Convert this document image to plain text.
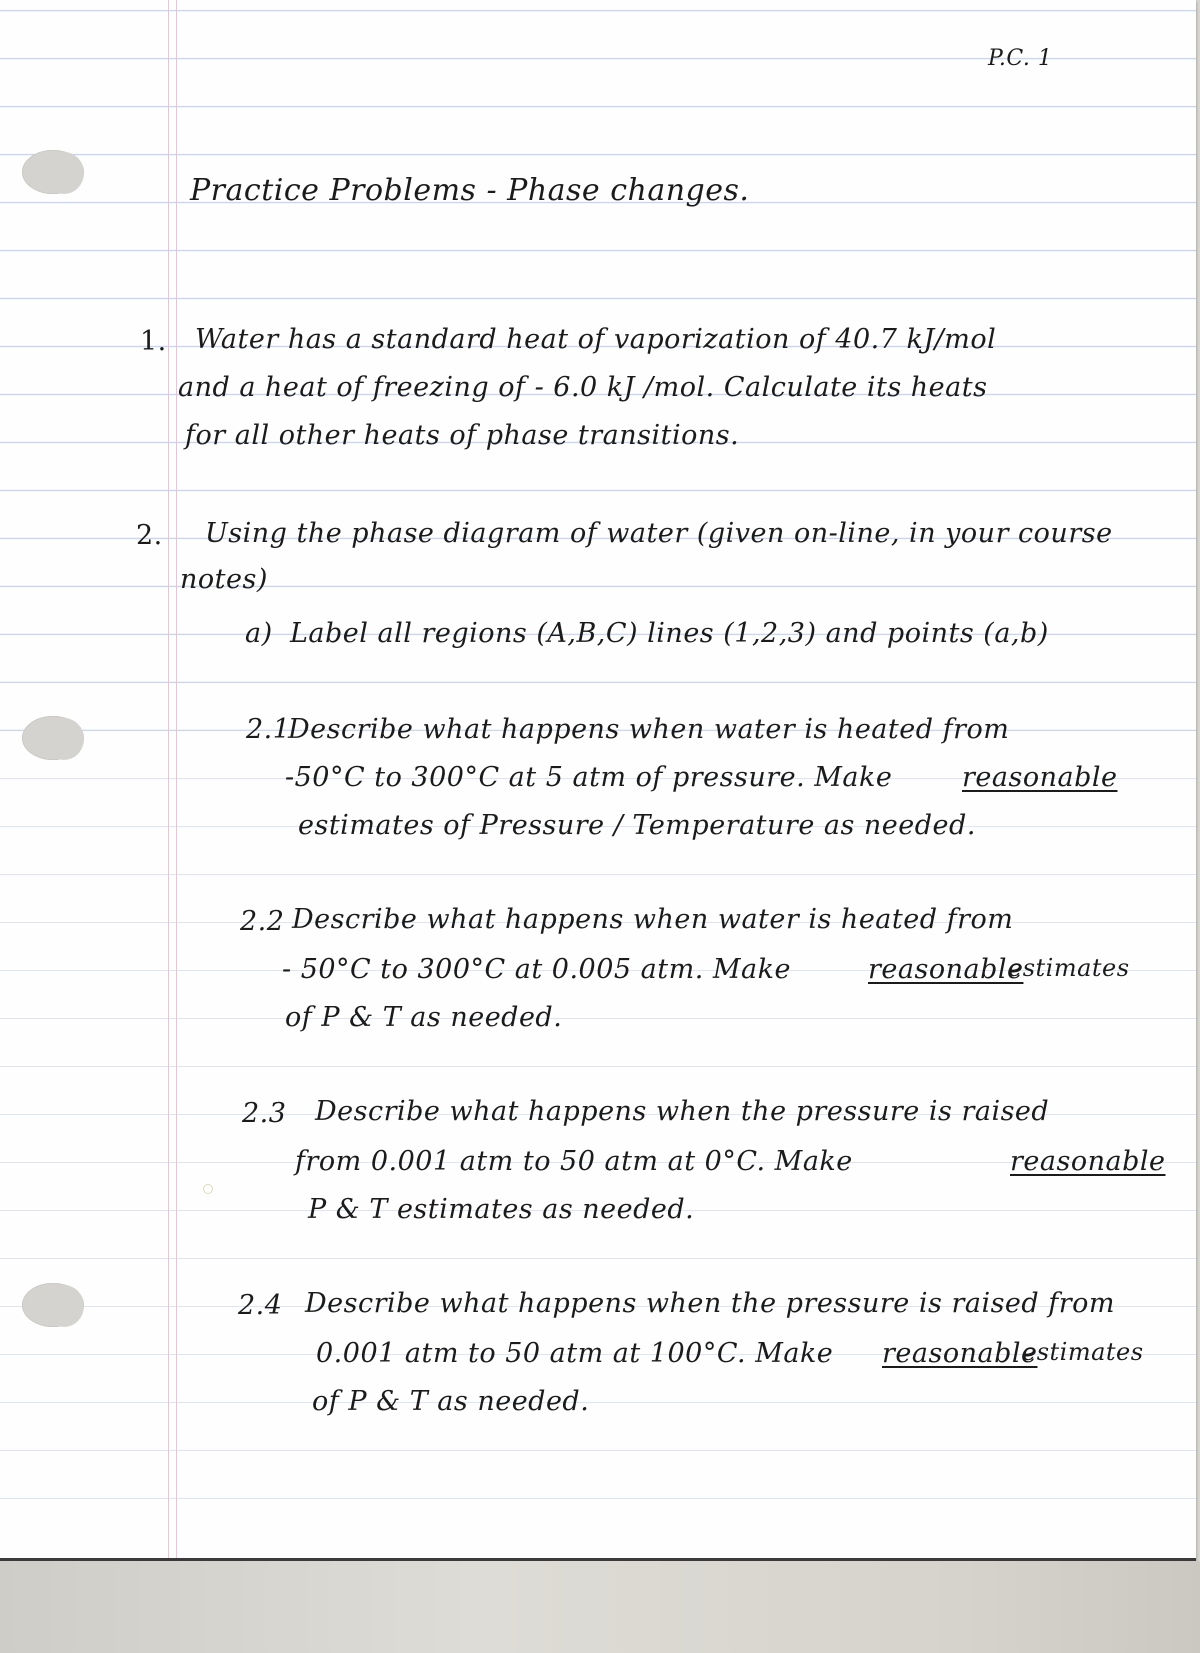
P.C. 1
Practice Problems - Phase changes.
1. Water has a standard heat of vaporization of 40.7 kJ/mol
and a heat of freezing of - 6.0 kJ /mol. Calculate its heats
for all other heats of phase transitions.
2. Using the phase diagram of water (given on-line, in your course
notes)
a) Label all regions (A,B,C) lines (1,2,3) and points (a,b)
2.1
Describe what happens when water is heated from
-50°C to 300°C at 5 atm of pressure. Make	reasonable
estimates of Pressure / Temperature as needed.
2.2 Describe what happens when water is heated from
- 50°C to 300°C at 0.005 atm. Make	reasonable
estimates
of P & T as needed.
2.3 Describe what happens when the pressure is raised
from 0.001 atm to 50 atm at 0°C. Make	reasonable
P & T estimates as needed.
2.4 Describe what happens when the pressure is raised from
0.001 atm to 50 atm at 100°C. Make reasonable
estimates
of P & T as needed.
